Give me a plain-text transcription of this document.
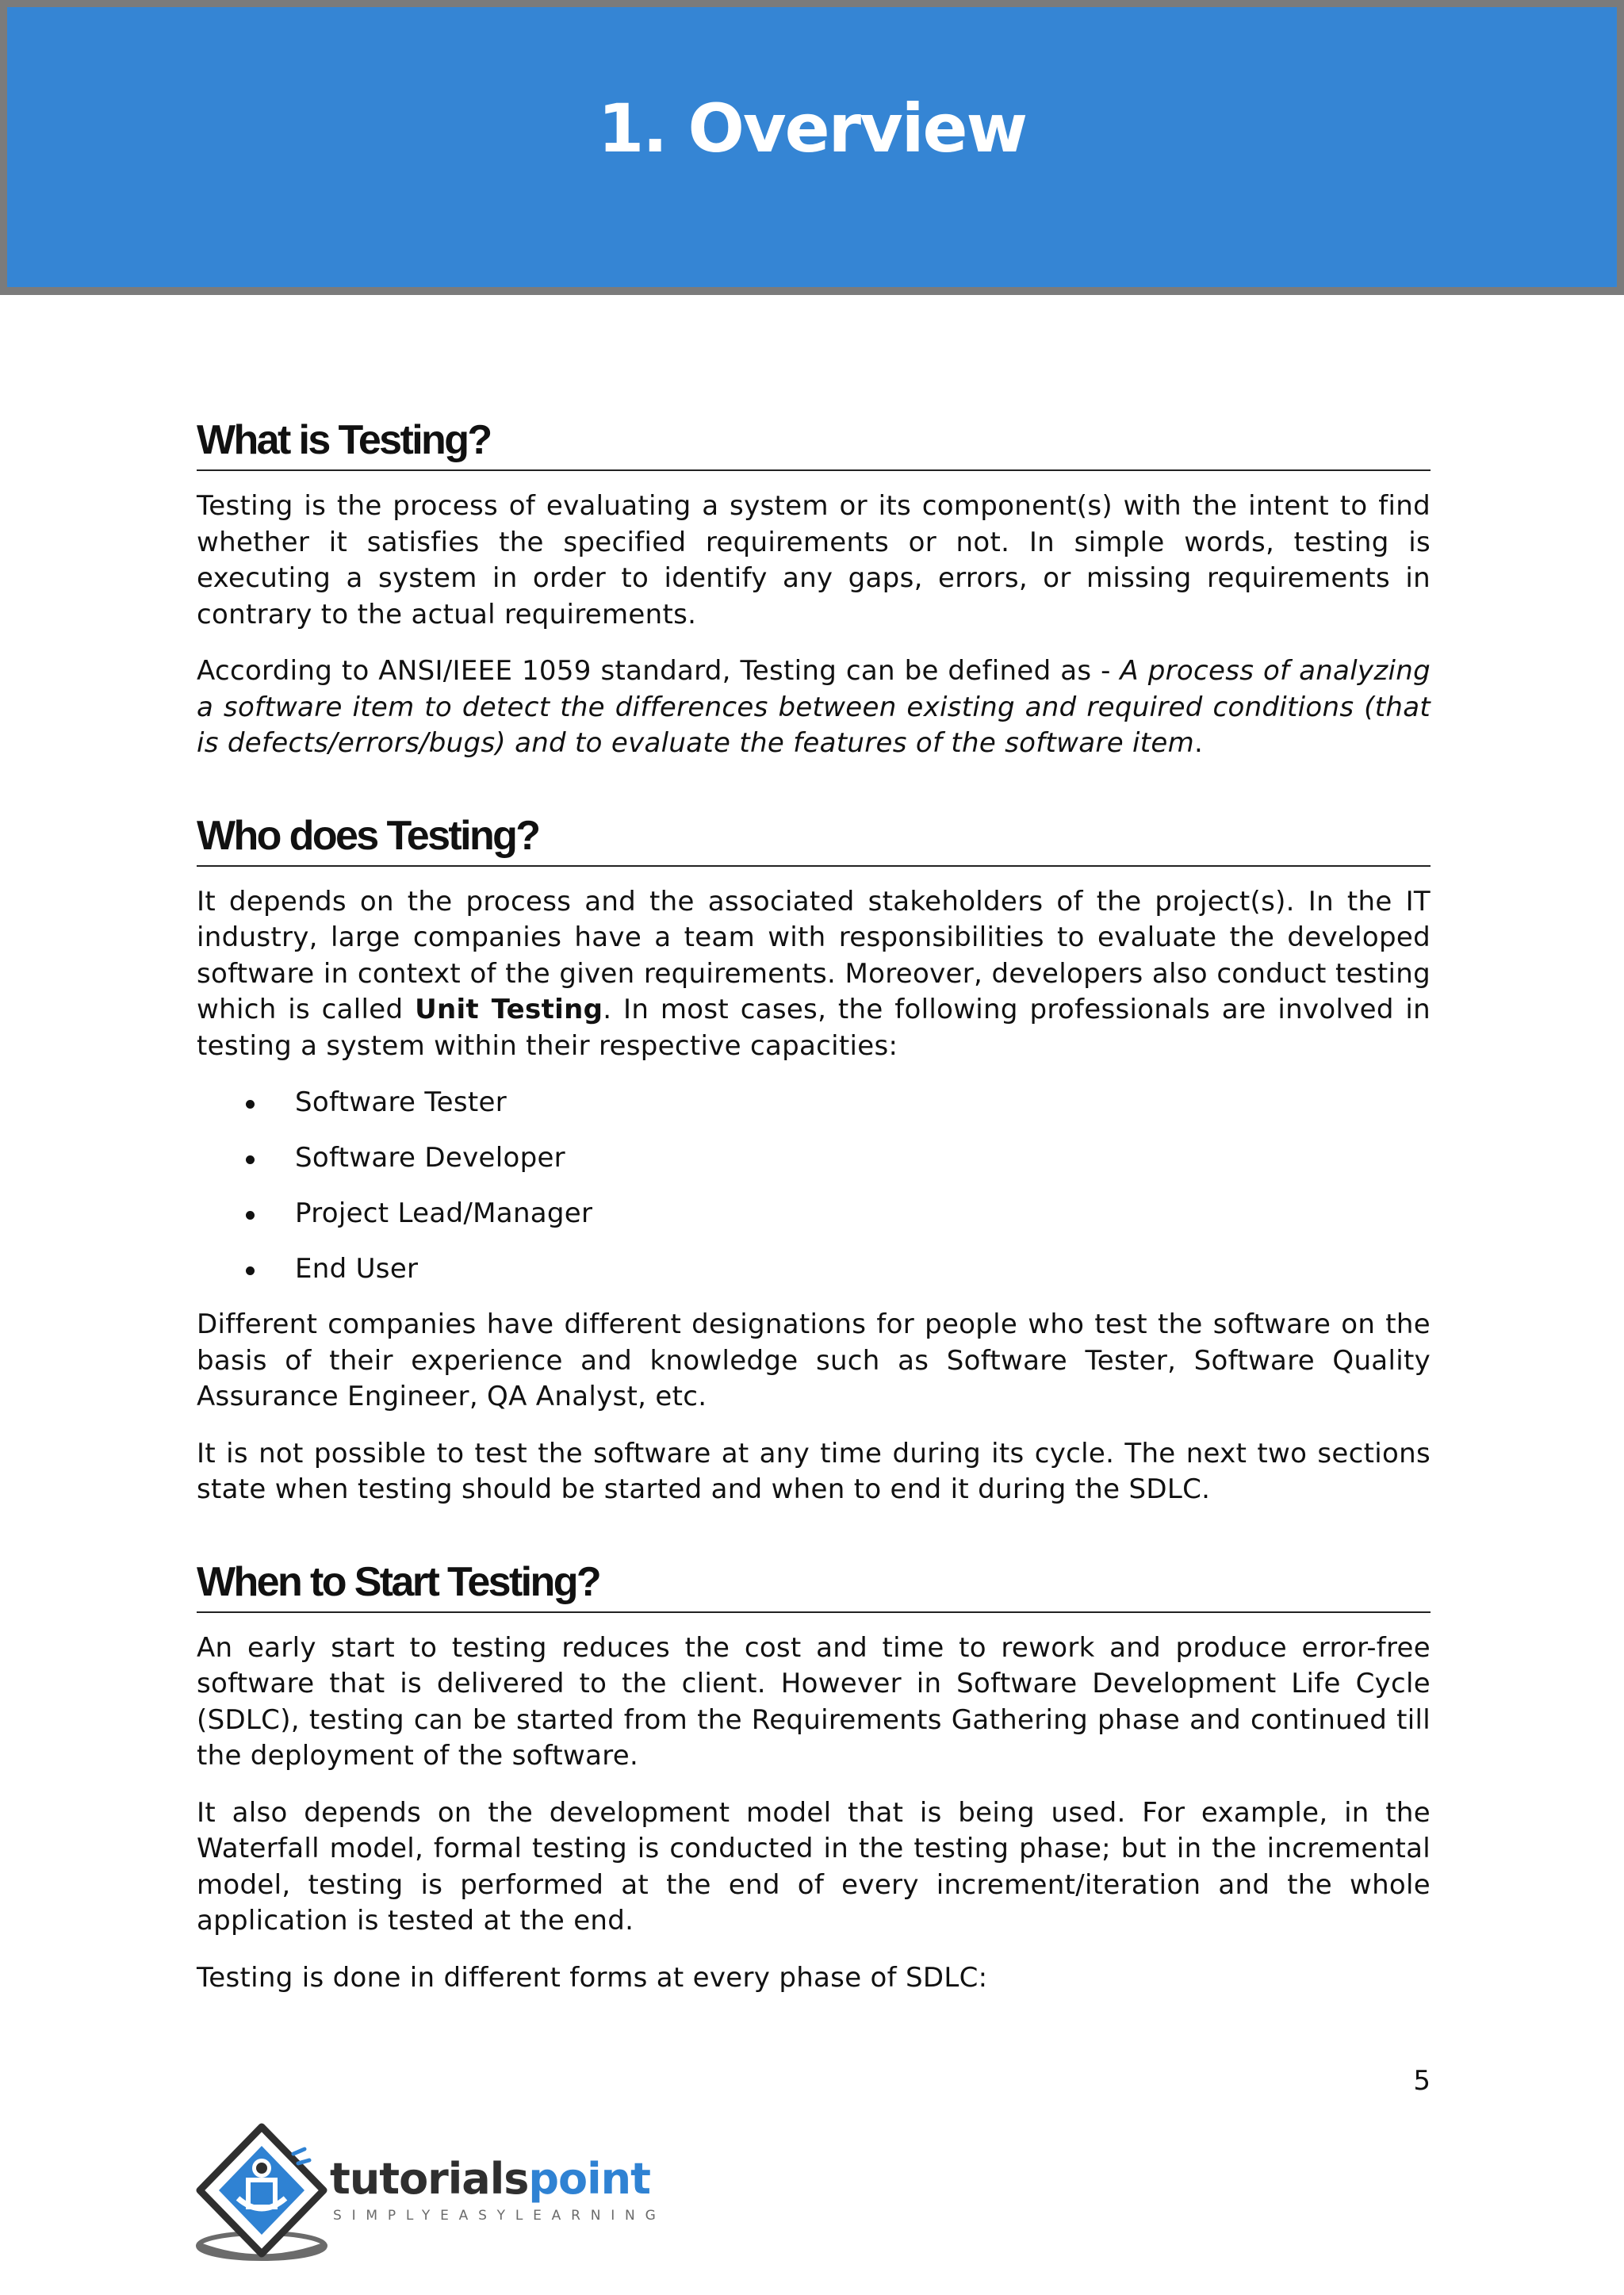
1. Overview
What is Testing?

Testing is the process of evaluating a system or its component(s) with the intent to find whether it satisfies the specified requirements or not. In simple words, testing is executing a system in order to identify any gaps, errors, or missing requirements in contrary to the actual requirements.

According to ANSI/IEEE 1059 standard, Testing can be defined as - A process of analyzing a software item to detect the differences between existing and required conditions (that is defects/errors/bugs) and to evaluate the features of the software item.

Who does Testing?

It depends on the process and the associated stakeholders of the project(s). In the IT industry, large companies have a team with responsibilities to evaluate the developed software in context of the given requirements. Moreover, developers also conduct testing which is called Unit Testing. In most cases, the following professionals are involved in testing a system within their respective capacities:

Software Tester
Software Developer
Project Lead/Manager
End User

Different companies have different designations for people who test the software on the basis of their experience and knowledge such as Software Tester, Software Quality Assurance Engineer, QA Analyst, etc.

It is not possible to test the software at any time during its cycle. The next two sections state when testing should be started and when to end it during the SDLC.

When to Start Testing?

An early start to testing reduces the cost and time to rework and produce error-free software that is delivered to the client. However in Software Development Life Cycle (SDLC), testing can be started from the Requirements Gathering phase and continued till the deployment of the software.

It also depends on the development model that is being used. For example, in the Waterfall model, formal testing is conducted in the testing phase; but in the incremental model, testing is performed at the end of every increment/iteration and the whole application is tested at the end.

Testing is done in different forms at every phase of SDLC:

5
tutorialspoint
SIMPLYEASYLEARNING
